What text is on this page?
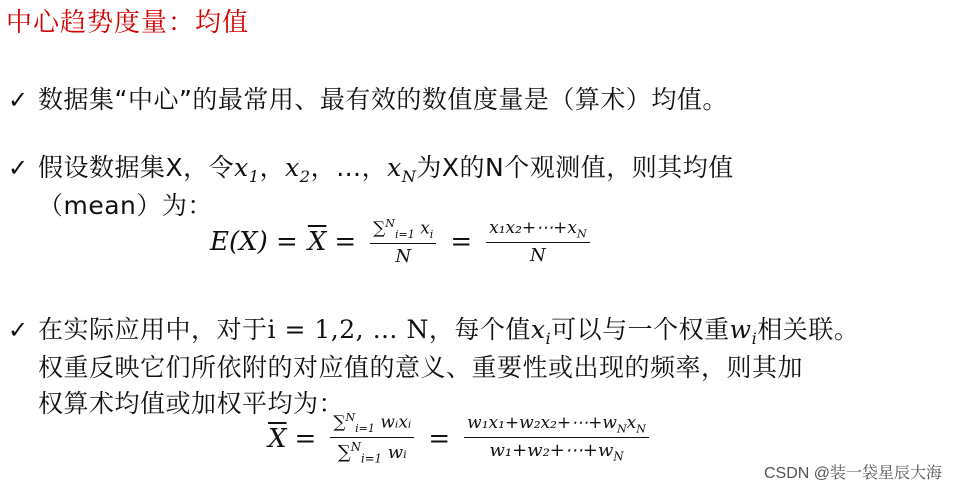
中心趋势度量：均值
✓ 数据集“中心”的最常用、最有效的数值度量是（算术）均值。
✓ 假设数据集X，令$x_1$，$x_2$，…，$x_N$为X的N个观测值，则其均值
（mean）为：
$E(X) = \overline{X} = \frac{\sum^N_{i=1} x_i}{N} = \frac{x_1x_2+\cdots+x_N}{N}$
✓ 在实际应用中，对于i = 1,2, … N，每个值$x_i$可以与一个权重$w_i$相关联。
权重反映它们所依附的对应值的意义、重要性或出现的频率，则其加
权算术均值或加权平均为：
$\overline{X} = \frac{\sum^N_{i=1} wᵢxᵢ}{\sum^N_{i=1} wᵢ} = \frac{w_1x_1+w_2x_2+\cdots+w_Nx_N}{w_1+w_2+\cdots+w_N}$
CSDN @装一袋星辰大海
